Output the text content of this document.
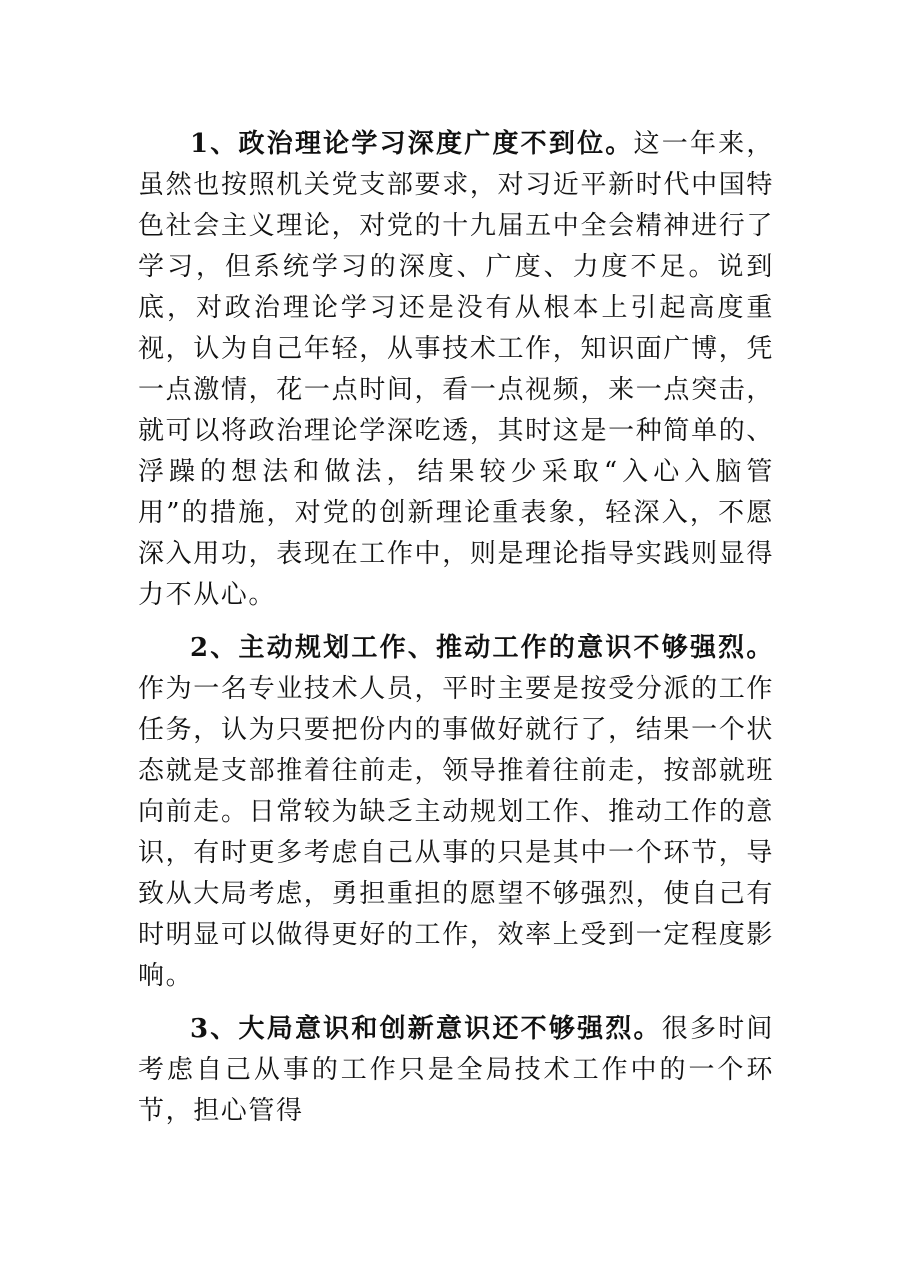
1、政治理论学习深度广度不到位。这一年来，虽然也按照机关党支部要求，对习近平新时代中国特色社会主义理论，对党的十九届五中全会精神进行了学习，但系统学习的深度、广度、力度不足。说到底，对政治理论学习还是没有从根本上引起高度重视，认为自己年轻，从事技术工作，知识面广博，凭一点激情，花一点时间，看一点视频，来一点突击，就可以将政治理论学深吃透，其时这是一种简单的、浮躁的想法和做法，结果较少采取“入心入脑管用”的措施，对党的创新理论重表象，轻深入，不愿深入用功，表现在工作中，则是理论指导实践则显得力不从心。

2、主动规划工作、推动工作的意识不够强烈。作为一名专业技术人员，平时主要是按受分派的工作任务，认为只要把份内的事做好就行了，结果一个状态就是支部推着往前走，领导推着往前走，按部就班向前走。日常较为缺乏主动规划工作、推动工作的意识，有时更多考虑自己从事的只是其中一个环节，导致从大局考虑，勇担重担的愿望不够强烈，使自己有时明显可以做得更好的工作，效率上受到一定程度影响。

3、大局意识和创新意识还不够强烈。很多时间考虑自己从事的工作只是全局技术工作中的一个环节，担心管得
